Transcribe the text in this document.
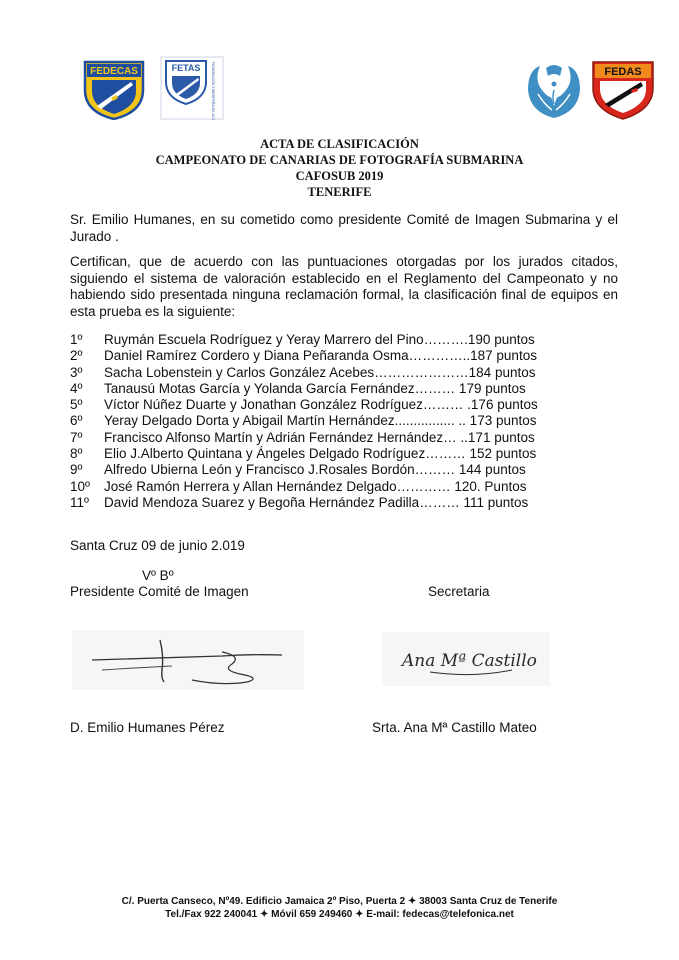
FEDECAS	FETAS	FEDERACIÓN TINERFEÑA DE ACTIVIDADES SUBACUÁTICAS	FEDAS
ACTA DE CLASIFICACIÓN
CAMPEONATO DE CANARIAS DE FOTOGRAFÍA SUBMARINA
CAFOSUB 2019
TENERIFE
Sr. Emilio Humanes, en su cometido como presidente Comité de Imagen Submarina y el Jurado .
Certifican, que de acuerdo con las puntuaciones otorgadas por los jurados citados, siguiendo el sistema de valoración establecido en el Reglamento del Campeonato y no habiendo sido presentada ninguna reclamación formal, la clasificación final de equipos en esta prueba es la siguiente:
1º Ruymán Escuela Rodríguez y Yeray Marrero del Pino……….190 puntos
2º Daniel Ramírez Cordero y Diana Peñaranda Osma…………..187 puntos
3º Sacha Lobenstein y Carlos González Acebes…………………184 puntos
4º Tanausú Motas García y Yolanda García Fernández……… 179 puntos
5º Víctor Núñez Duarte y Jonathan González Rodríguez……… .176 puntos
6º Yeray Delgado Dorta y Abigail Martín Hernández................ .. 173 puntos
7º Francisco Alfonso Martín y Adrián Fernández Hernández… ..171 puntos
8º Elio J.Alberto Quintana y Ángeles Delgado Rodríguez……… 152 puntos
9º Alfredo Ubierna León y Francisco J.Rosales Bordón……… 144 puntos
10º José Ramón Herrera y Allan Hernández Delgado………… 120. Puntos
11º David Mendoza Suarez y Begoña Hernández Padilla……… 111 puntos
Santa Cruz 09 de junio 2.019
Vº Bº
Presidente Comité de Imagen	Secretaria
Ana Mª Castillo
D. Emilio Humanes Pérez	Srta. Ana Mª Castillo Mateo
C/. Puerta Canseco, Nº49. Edificio Jamaica 2º Piso, Puerta 2 ✦ 38003 Santa Cruz de Tenerife
Tel./Fax 922 240041 ✦ Móvil 659 249460 ✦ E-mail: fedecas@telefonica.net
